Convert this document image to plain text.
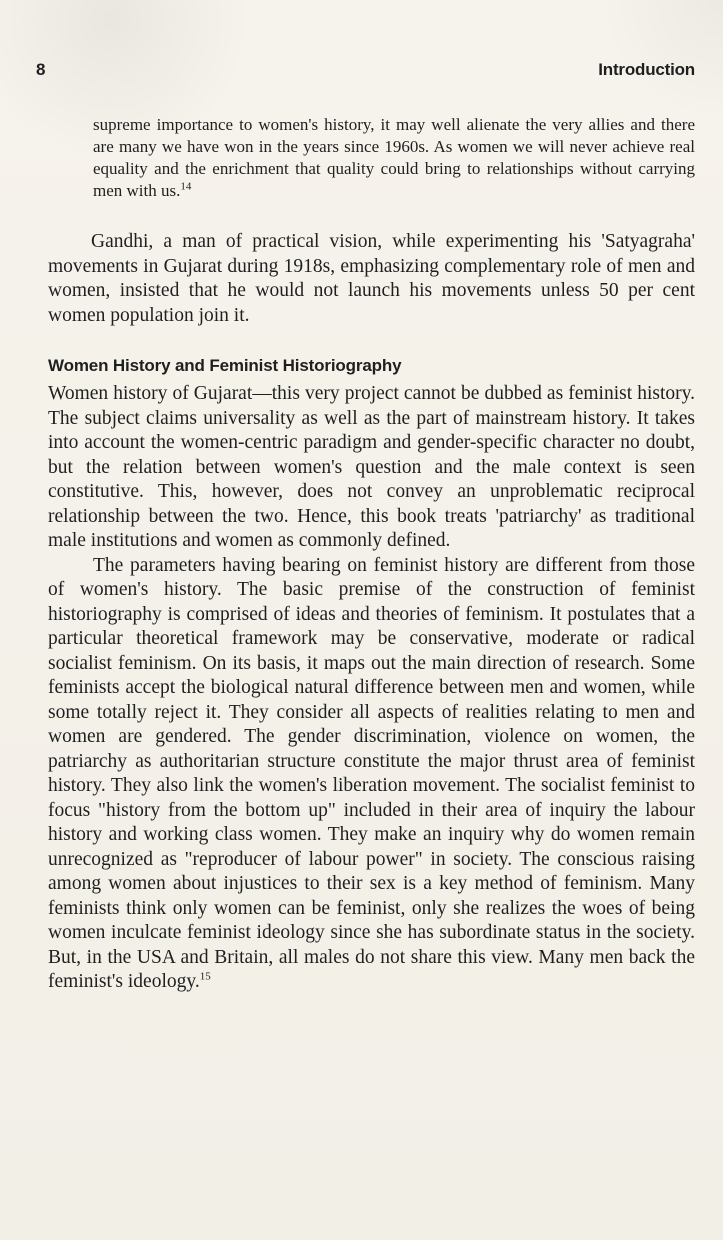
8	Introduction

supreme importance to women's history, it may well alienate the very allies and there are many we have won in the years since 1960s. As women we will never achieve real equality and the enrichment that quality could bring to relationships without carrying men with us.$^{14}$

Gandhi, a man of practical vision, while experimenting his 'Satyagraha' movements in Gujarat during 1918s, emphasizing complementary role of men and women, insisted that he would not launch his movements unless 50 per cent women population join it.

Women History and Feminist Historiography

Women history of Gujarat—this very project cannot be dubbed as feminist history. The subject claims universality as well as the part of mainstream history. It takes into account the women-centric paradigm and gender-specific character no doubt, but the relation between women's question and the male context is seen constitutive. This, however, does not convey an unproblematic reciprocal relationship between the two. Hence, this book treats 'patriarchy' as traditional male institutions and women as commonly defined.

The parameters having bearing on feminist history are different from those of women's history. The basic premise of the construction of feminist historiography is comprised of ideas and theories of feminism. It postulates that a particular theoretical framework may be conservative, moderate or radical socialist feminism. On its basis, it maps out the main direction of research. Some feminists accept the biological natural difference between men and women, while some totally reject it. They consider all aspects of realities relating to men and women are gendered. The gender discrimination, violence on women, the patriarchy as authoritarian structure constitute the major thrust area of feminist history. They also link the women's liberation movement. The socialist feminist to focus "history from the bottom up" included in their area of inquiry the labour history and working class women. They make an inquiry why do women remain unrecognized as "reproducer of labour power" in society. The conscious raising among women about injustices to their sex is a key method of feminism. Many feminists think only women can be feminist, only she realizes the woes of being women inculcate feminist ideology since she has subordinate status in the society. But, in the USA and Britain, all males do not share this view. Many men back the feminist's ideology.$^{15}$
